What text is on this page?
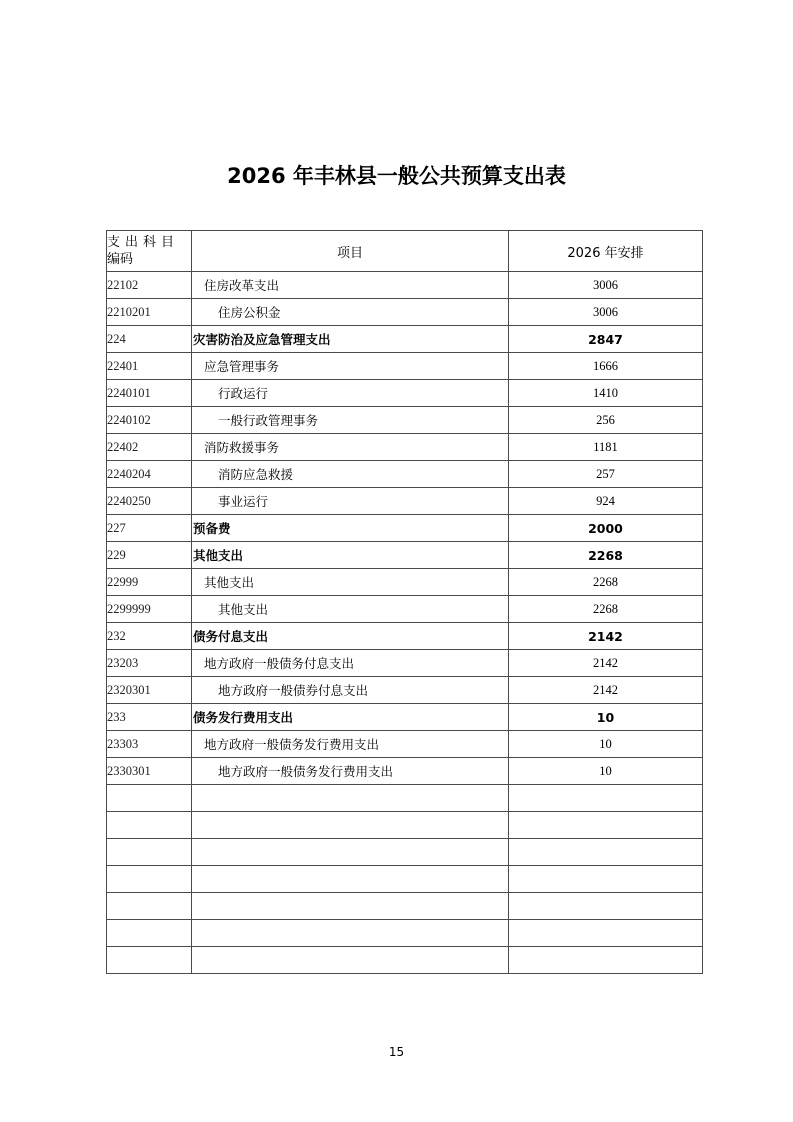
2026 年丰林县一般公共预算支出表
支出科目
编码	项目	2026 年安排
22102	住房改革支出	3006
2210201	住房公积金	3006
224	灾害防治及应急管理支出	2847
22401	应急管理事务	1666
2240101	行政运行	1410
2240102	一般行政管理事务	256
22402	消防救援事务	1181
2240204	消防应急救援	257
2240250	事业运行	924
227	预备费	2000
229	其他支出	2268
22999	其他支出	2268
2299999	其他支出	2268
232	债务付息支出	2142
23203	地方政府一般债务付息支出	2142
2320301	地方政府一般债券付息支出	2142
233	债务发行费用支出	10
23303	地方政府一般债务发行费用支出	10
2330301	地方政府一般债务发行费用支出	10

15
